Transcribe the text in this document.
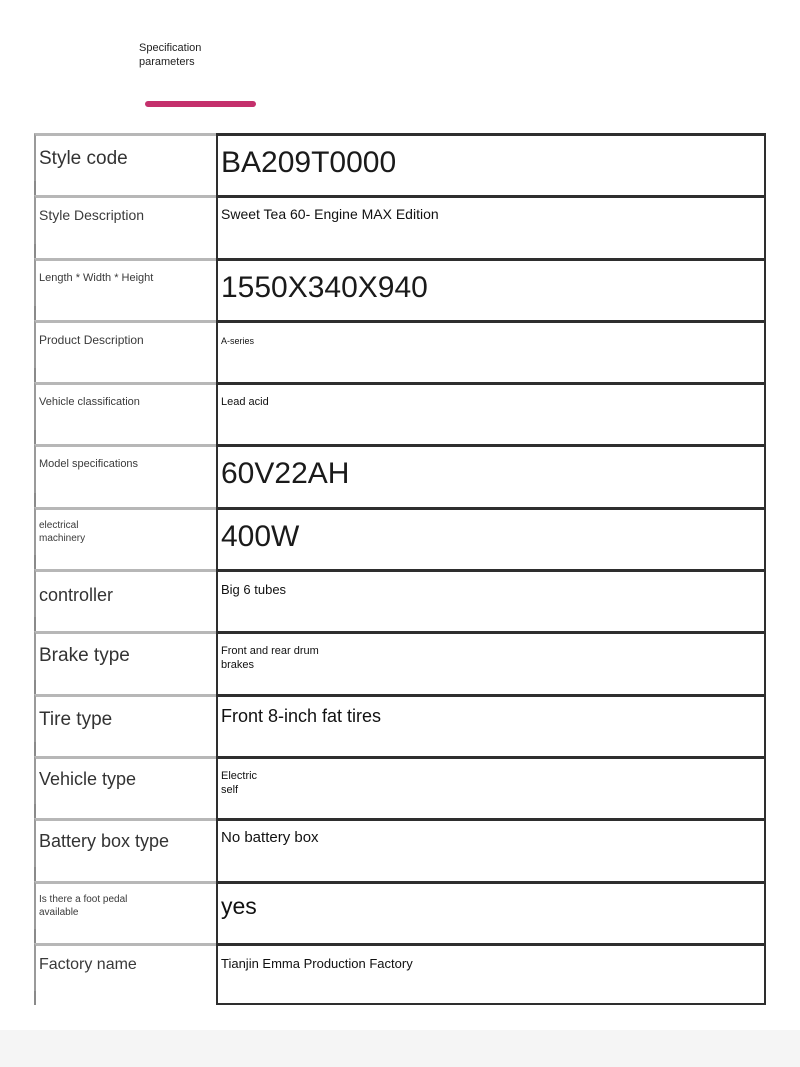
Specification
parameters
Style code	BA209T0000
Style Description	Sweet Tea 60- Engine MAX Edition
Length * Width * Height 1550X340X940
Product Description	A-series
Vehicle classification	Lead acid
Model specifications	60V22AH
electrical machinery	400W
controller	Big 6 tubes
Brake type	Front and rear drum brakes
Tire type	Front 8-inch fat tires
Vehicle type	Electric self
Battery box type	No battery box
Is there a foot pedal available	yes
Factory name	Tianjin Emma Production Factory
